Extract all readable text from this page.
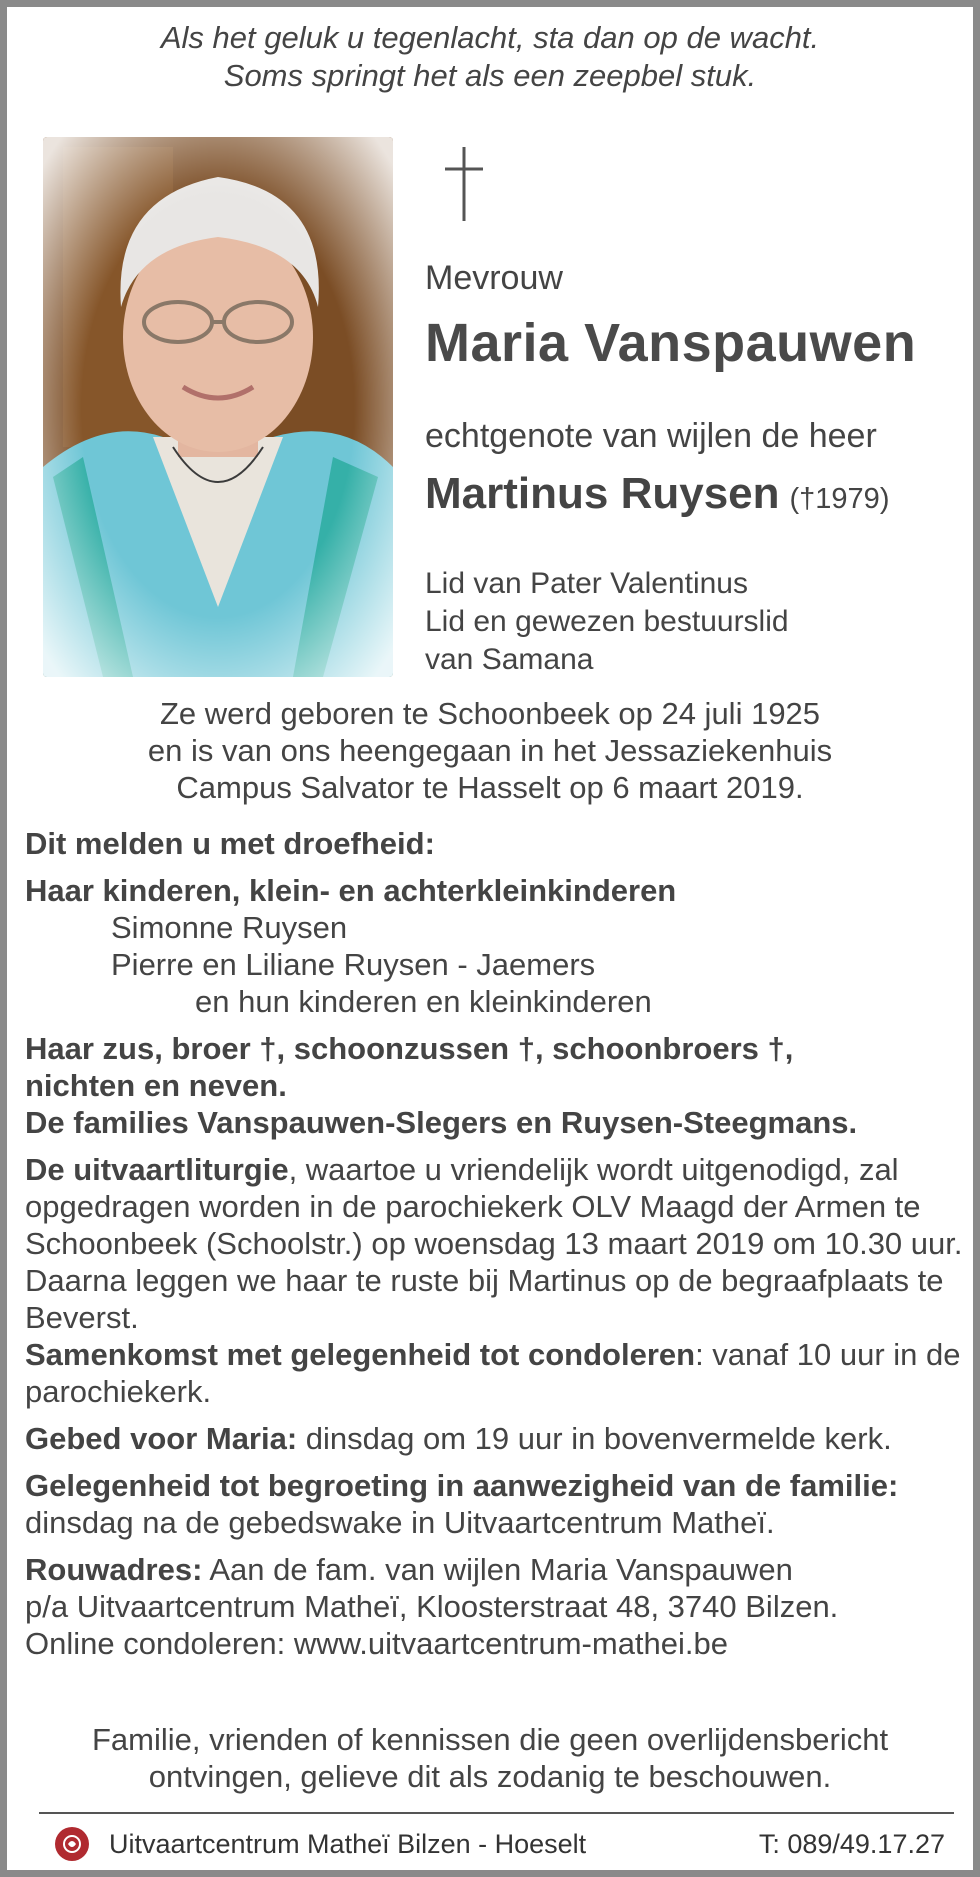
Als het geluk u tegenlacht, sta dan op de wacht.
Soms springt het als een zeepbel stuk.
Mevrouw
Maria Vanspauwen
echtgenote van wijlen de heer
Martinus Ruysen (†1979)
Lid van Pater Valentinus
Lid en gewezen bestuurslid
van Samana
Ze werd geboren te Schoonbeek op 24 juli 1925
en is van ons heengegaan in het Jessaziekenhuis
Campus Salvator te Hasselt op 6 maart 2019.

Dit melden u met droefheid:

Haar kinderen, klein- en achterkleinkinderen

Simonne Ruysen

Pierre en Liliane Ruysen - Jaemers

en hun kinderen en kleinkinderen

Haar zus, broer †, schoonzussen †, schoonbroers †,

nichten en neven.

De families Vanspauwen-Slegers en Ruysen-Steegmans.

De uitvaartliturgie, waartoe u vriendelijk wordt uitgenodigd, zal opgedragen worden in de parochiekerk OLV Maagd der Armen te Schoonbeek (Schoolstr.) op woensdag 13 maart 2019 om 10.30 uur. Daarna leggen we haar te ruste bij Martinus op de begraafplaats te Beverst.

Samenkomst met gelegenheid tot condoleren: vanaf 10 uur in de parochiekerk.

Gebed voor Maria: dinsdag om 19 uur in bovenvermelde kerk.

Gelegenheid tot begroeting in aanwezigheid van de familie:

dinsdag na de gebedswake in Uitvaartcentrum Matheï.

Rouwadres: Aan de fam. van wijlen Maria Vanspauwen

p/a Uitvaartcentrum Matheï, Kloosterstraat 48, 3740 Bilzen.

Online condoleren: www.uitvaartcentrum-mathei.be

Familie, vrienden of kennissen die geen overlijdensbericht
ontvingen, gelieve dit als zodanig te beschouwen.
Uitvaartcentrum Matheï Bilzen - Hoeselt	T: 089/49.17.27
